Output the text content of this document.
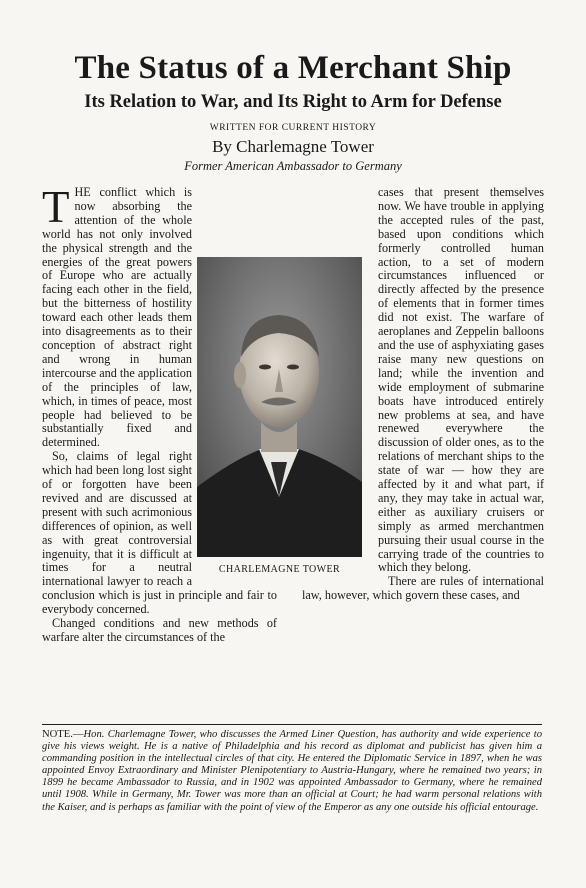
The Status of a Merchant Ship
Its Relation to War, and Its Right to Arm for Defense
WRITTEN FOR CURRENT HISTORY
By Charlemagne Tower
Former American Ambassador to Germany

THE conflict which is now absorbing the attention of the whole world has not only involved the physical strength and the energies of the great powers of Europe who are actually facing each other in the field, but the bitterness of hostility toward each other leads them into disagreements as to their conception of abstract right and wrong in human intercourse and the application of the principles of law, which, in times of peace, most people had believed to be substantially fixed and determined.

So, claims of legal right which had been long lost sight of or forgotten have been revived and are discussed at present with such acrimonious differences of opinion, as well as with great controversial ingenuity, that it is difficult at times for a neutral international lawyer to reach a conclusion which is just in principle and fair to everybody concerned.

Changed conditions and new methods of warfare alter the circumstances of the

cases that present themselves now. We have trouble in applying the accepted rules of the past, based upon conditions which formerly controlled human action, to a set of modern circumstances influenced or directly affected by the presence of elements that in former times did not exist. The warfare of aeroplanes and Zeppelin balloons and the use of asphyxiating gases raise many new questions on land; while the invention and wide employment of submarine boats have introduced entirely new problems at sea, and have renewed everywhere the discussion of older ones, as to the relations of merchant ships to the state of war — how they are affected by it and what part, if any, they may take in actual war, either as auxiliary cruisers or simply as armed merchantmen pursuing their usual course in the carrying trade of the countries to which they belong.

There are rules of international law, however, which govern these cases, and

CHARLEMAGNE TOWER
NOTE.—Hon. Charlemagne Tower, who discusses the Armed Liner Question, has authority and wide experience to give his views weight. He is a native of Philadelphia and his record as diplomat and publicist has given him a commanding position in the intellectual circles of that city. He entered the Diplomatic Service in 1897, when he was appointed Envoy Extraordinary and Minister Plenipotentiary to Austria-Hungary, where he remained two years; in 1899 he became Ambassador to Russia, and in 1902 was appointed Ambassador to Germany, where he remained until 1908. While in Germany, Mr. Tower was more than an official at Court; he had warm personal relations with the Kaiser, and is perhaps as familiar with the point of view of the Emperor as any one outside his official entourage.
